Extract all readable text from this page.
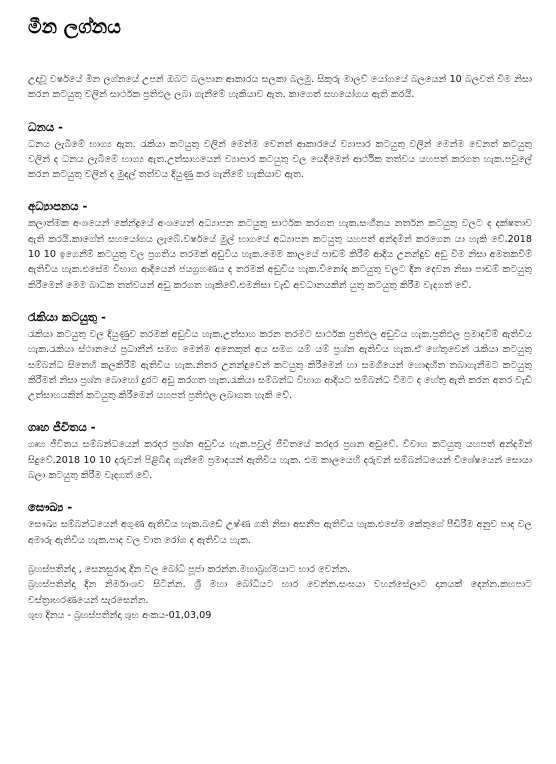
මීන ලග්නය

උදාවූ වර්ෂයේ මීන ලග්නයේ උපන් ඔබට බලපාන ආකාරය සලකා බලමු. සිකුරු මාලව් යෝගයේ බලයෙන් 10 බලවත් වීම නිසා කරන කටයුතු වලින් සාර්ථක ප්‍රතිඵල ලබා ගැනීමේ හැකියාව ඇත. කාගෙත් සහයෝගය ඇති කරයි.

ධනය -

ධනය ලැබීමේ භාග්‍ය ඇත. රැකියා කටයුතු වලින් මෙන්ම වෙනත් ආකාරයේ ව්‍යාපාර කටයුතු වලින් මෙන්ම වෙනත් කටයුතු වලින් ද ධනය ලැබීමේ භාග්‍ය ඇත.උත්සාහයෙන් ව්‍යාපාර කටයුතු වල යෙදීමෙන් ආර්ථික තත්වය යහපත් කරගත හැක.පවුලේ කරන කටයුතු වලින් ද මුදල් තත්වය දියුණු කර ගැනීමේ හැකියාව ඇත.

අධ්‍යාපනය -

කලාත්මක අංශයෙන් කේන්ද්‍රයේ අංශයෙන් අධ්‍යාපන කටයුතු සාර්ථක කරගත හැක.සංගීතය නර්තන කටයුතු වලට ද දක්ෂතාව ඇති කරයි.කාගේත් සහයෝගය ලැබේ.වර්ෂයේ මුල් භාගයේ අධ්‍යාපන කටයුතු යහපත් අන්දමින් කරගෙන යා හැකි වේ.2018 10 10 ඉගෙනීම් කටයුතු වල ප්‍රගතිය තරමක් අඩුවිය හැක.මෙම කාලයේ පාඩම් කිරීම් ආදිය උනන්දුව අඩු වීම නිසා අමතකවීම් ඇතිවිය හැක.එසේම විභාග ආදියෙන් ජයග්‍රහණය ද තරමක් අඩුවිය හැක.විනෝද කටයුතු වලට දින දෙවන නිසා පාඩම් කටයුතු කිරීමෙන් මෙම බාධක තත්වයන් අඩු කරගත හැකිවේ.එමනිසා වැඩි අවධානයකින් යුතු කටයුතු කිරීම වැදගත් වේ.

රැකියා කටයුතු -

රැකියා කටයුතු වල දියුණුව තරමක් අඩුවිය හැක.උත්සාහ කරන තරමට සාර්ථක ප්‍රතිඵල අඩුවිය හැක.ප්‍රතිඵල ප්‍රමාදවීම් ඇතිවිය හැක.රැකියා ස්ථානයේ ප්‍රධානීන් සමග මෙන්ම අනෙකුත් අය සමග යම් යම් ප්‍රශ්න ඇතිවිය හැක.ඒ හේතුවෙන් රැකියා කටයුතු සම්බන්ධ සිතෙහි කලකිරීම් ඇතිවිය හැක.නිතර උනන්දුවෙන් කටයුතු කිරීමෙන් හා සමගියෙන් හොඳහිත තබාගැනීමට කටයුතු කිරීමත් නිසා ප්‍රශ්න බොහෝ දුරට අඩු කරගත හැක.රැකියා සම්බන්ධ විභාග ආදියට සම්බන්ධ වීමට ද හේතු ඇති කරන අතර වැඩි උත්සාහයකින් කටයුතු කිරීමෙන් යහපත් ප්‍රතිඵල ලබාගත හැකි වේ.

ගෘහ ජීවිතය -

ගෘහ ජීවිතය සම්බන්ධයෙන් කරදර ප්‍රශ්න අඩුවිය හැක.පවුල් ජීවිතයේ කරදර ප්‍රශන අඩුවේ. විවාහ කටයුතු යහපත් අන්දමින් සිදුවේ.2018 10 10 දරුවන් පිළිබිඳ ගැනීමේ ප්‍රමාදයන් ඇතිවිය හැක. එම කාලයෙහි දරුවන් සම්බන්ධයෙන් විශේෂයෙන් සොයා බලා කටයුතු කිරීම වැදගත් වේ.

සෞඛ්‍ය -

සෞඛ්‍ය සම්බන්ධයෙන් අගුණ ඇතිවිය හැක.බඩේ උෂ්ණ ගති නිසා අසනීප ඇතිවිය හැක.එසේම කේතුගේ පීඩිරීම අනුව පාද වල අමාරු ඇතිවිය හැක.පාද වල වාත රෝග ද ඇතිවිය හැක.

බ්‍රහස්පතින්දා , සෙනසුරාදා දින වල බෝධි පූජා කරන්න.මහාබ්‍රහ්මයාට භාර වෙන්න.

බ්‍රහස්පතින්දා දින නිර්මාංශව සිටින්න. ශ්‍රී මහා බෝධියට භාර වෙන්න.සංඝයා වහන්සේලාට දානයක් දෙන්න.කහපාට වස්ත්‍රාභරණයෙන් සැරසෙන්න.

ශුභ දිනය - බ්‍රහස්පතින්දා ශුභ අංකය-01,03,09
